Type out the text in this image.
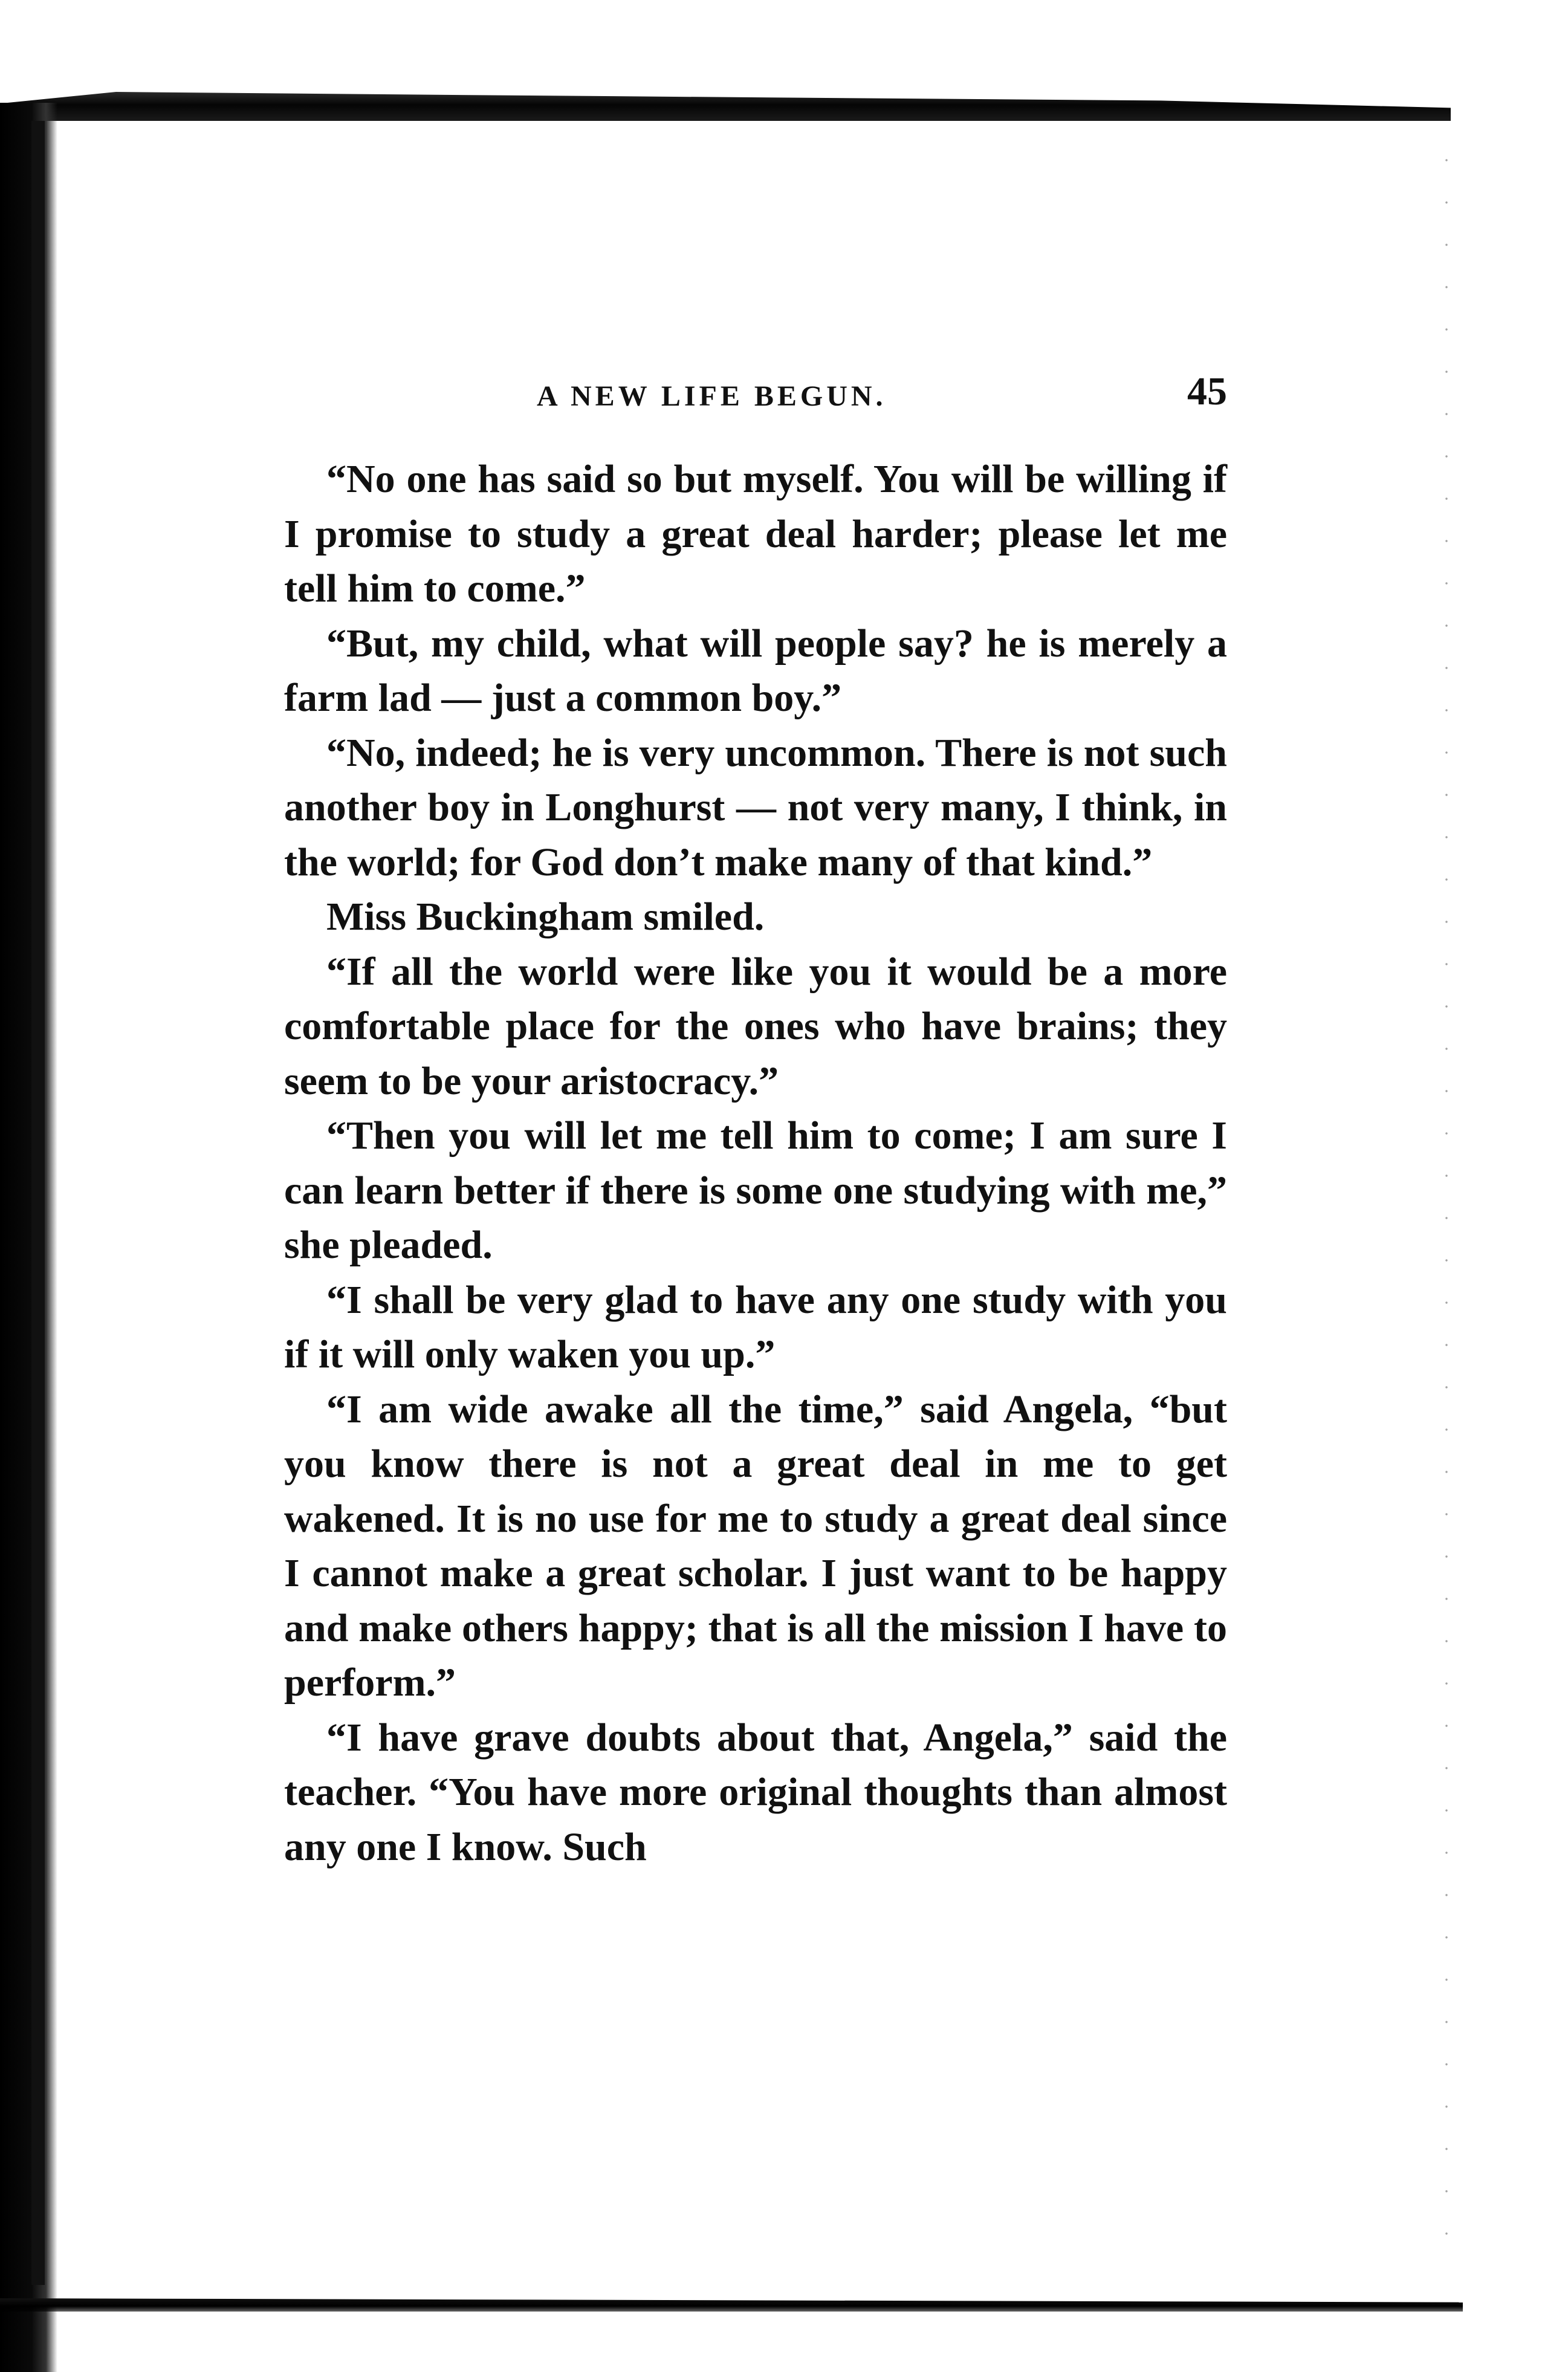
A NEW LIFE BEGUN.	45

“No one has said so but myself. You will be willing if I promise to study a great deal harder; please let me tell him to come.”

“But, my child, what will people say? he is merely a farm lad — just a common boy.”

“No, indeed; he is very uncommon. There is not such another boy in Longhurst — not very many, I think, in the world; for God don’t make many of that kind.”

Miss Buckingham smiled.

“If all the world were like you it would be a more comfortable place for the ones who have brains; they seem to be your aristocracy.”

“Then you will let me tell him to come; I am sure I can learn better if there is some one studying with me,” she pleaded.

“I shall be very glad to have any one study with you if it will only waken you up.”

“I am wide awake all the time,” said Angela, “but you know there is not a great deal in me to get wakened. It is no use for me to study a great deal since I cannot make a great scholar. I just want to be happy and make others happy; that is all the mission I have to perform.”

“I have grave doubts about that, Angela,” said the teacher. “You have more original thoughts than almost any one I know. Such
